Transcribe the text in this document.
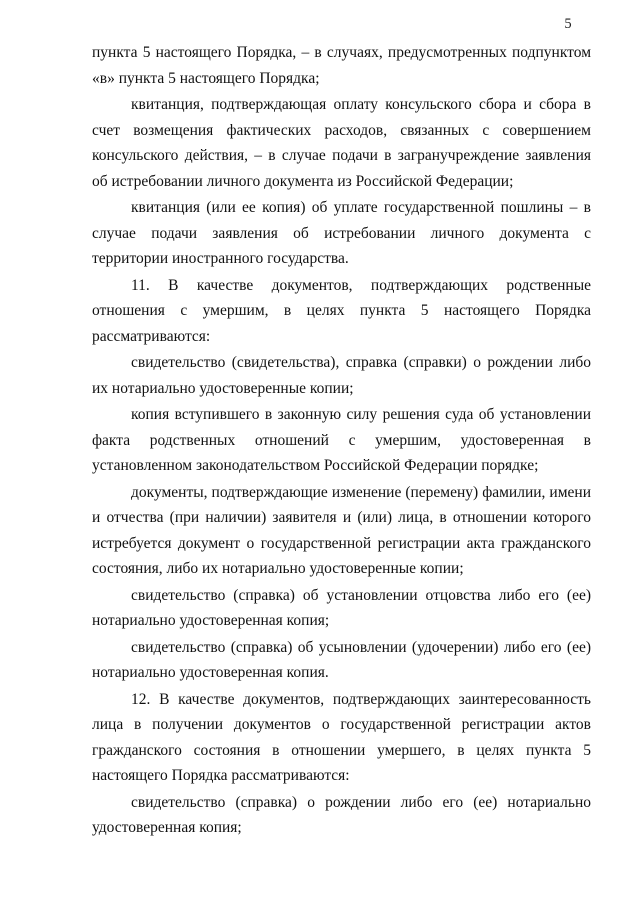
5

пункта 5 настоящего Порядка, – в случаях, предусмотренных подпунктом «в» пункта 5 настоящего Порядка;

квитанция, подтверждающая оплату консульского сбора и сбора в счет возмещения фактических расходов, связанных с совершением консульского действия, – в случае подачи в загранучреждение заявления об истребовании личного документа из Российской Федерации;

квитанция (или ее копия) об уплате государственной пошлины – в случае подачи заявления об истребовании личного документа с территории иностранного государства.

11. В качестве документов, подтверждающих родственные отношения с умершим, в целях пункта 5 настоящего Порядка рассматриваются:

свидетельство (свидетельства), справка (справки) о рождении либо их нотариально удостоверенные копии;

копия вступившего в законную силу решения суда об установлении факта родственных отношений с умершим, удостоверенная в установленном законодательством Российской Федерации порядке;

документы, подтверждающие изменение (перемену) фамилии, имени и отчества (при наличии) заявителя и (или) лица, в отношении которого истребуется документ о государственной регистрации акта гражданского состояния, либо их нотариально удостоверенные копии;

свидетельство (справка) об установлении отцовства либо его (ее) нотариально удостоверенная копия;

свидетельство (справка) об усыновлении (удочерении) либо его (ее) нотариально удостоверенная копия.

12. В качестве документов, подтверждающих заинтересованность лица в получении документов о государственной регистрации актов гражданского состояния в отношении умершего, в целях пункта 5 настоящего Порядка рассматриваются:

свидетельство (справка) о рождении либо его (ее) нотариально удостоверенная копия;
